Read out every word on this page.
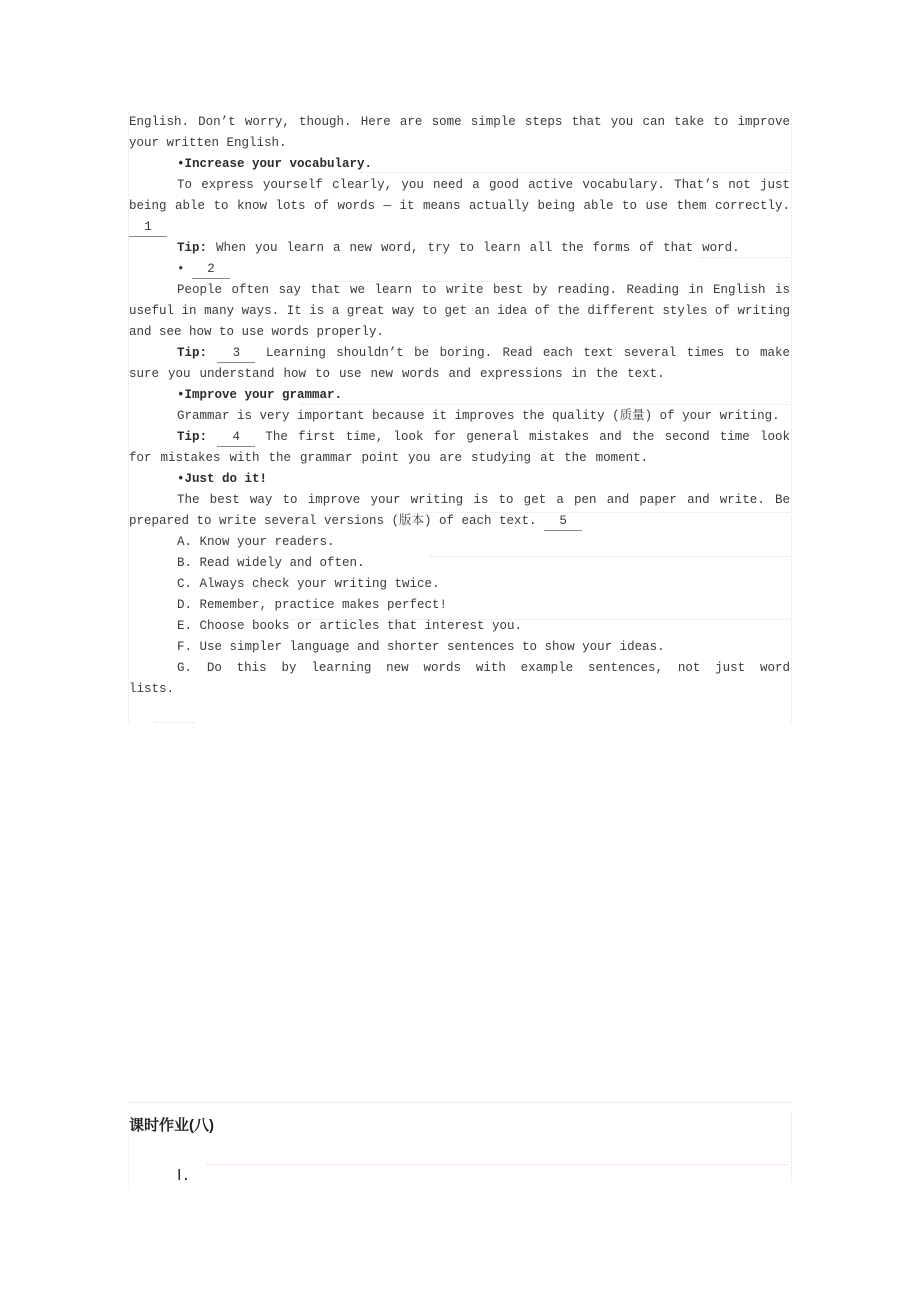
English. Don’t worry, though. Here are some simple steps that you can take to improve your written English.

•Increase your vocabulary.

To express yourself clearly, you need a good active vocabulary. That’s not just being able to know lots of words — it means actually being able to use them correctly. 1

Tip: When you learn a new word, try to learn all the forms of that word.

• 2

People often say that we learn to write best by reading. Reading in English is useful in many ways. It is a great way to get an idea of the different styles of writing and see how to use words properly.

Tip: 3 Learning shouldn’t be boring. Read each text several times to make sure you understand how to use new words and expressions in the text.

•Improve your grammar.

Grammar is very important because it improves the quality (质量) of your writing.

Tip: 4 The first time, look for general mistakes and the second time look for mistakes with the grammar point you are studying at the moment.

•Just do it!

The best way to improve your writing is to get a pen and paper and write. Be prepared to write several versions (版本) of each text. 5

A. Know your readers.

B. Read widely and often.

C. Always check your writing twice.

D. Remember, practice makes perfect!

E. Choose books or articles that interest you.

F. Use simpler language and shorter sentences to show your ideas.

G. Do this by learning new words with example sentences, not just word lists.

课时作业(八)

Ⅰ.
